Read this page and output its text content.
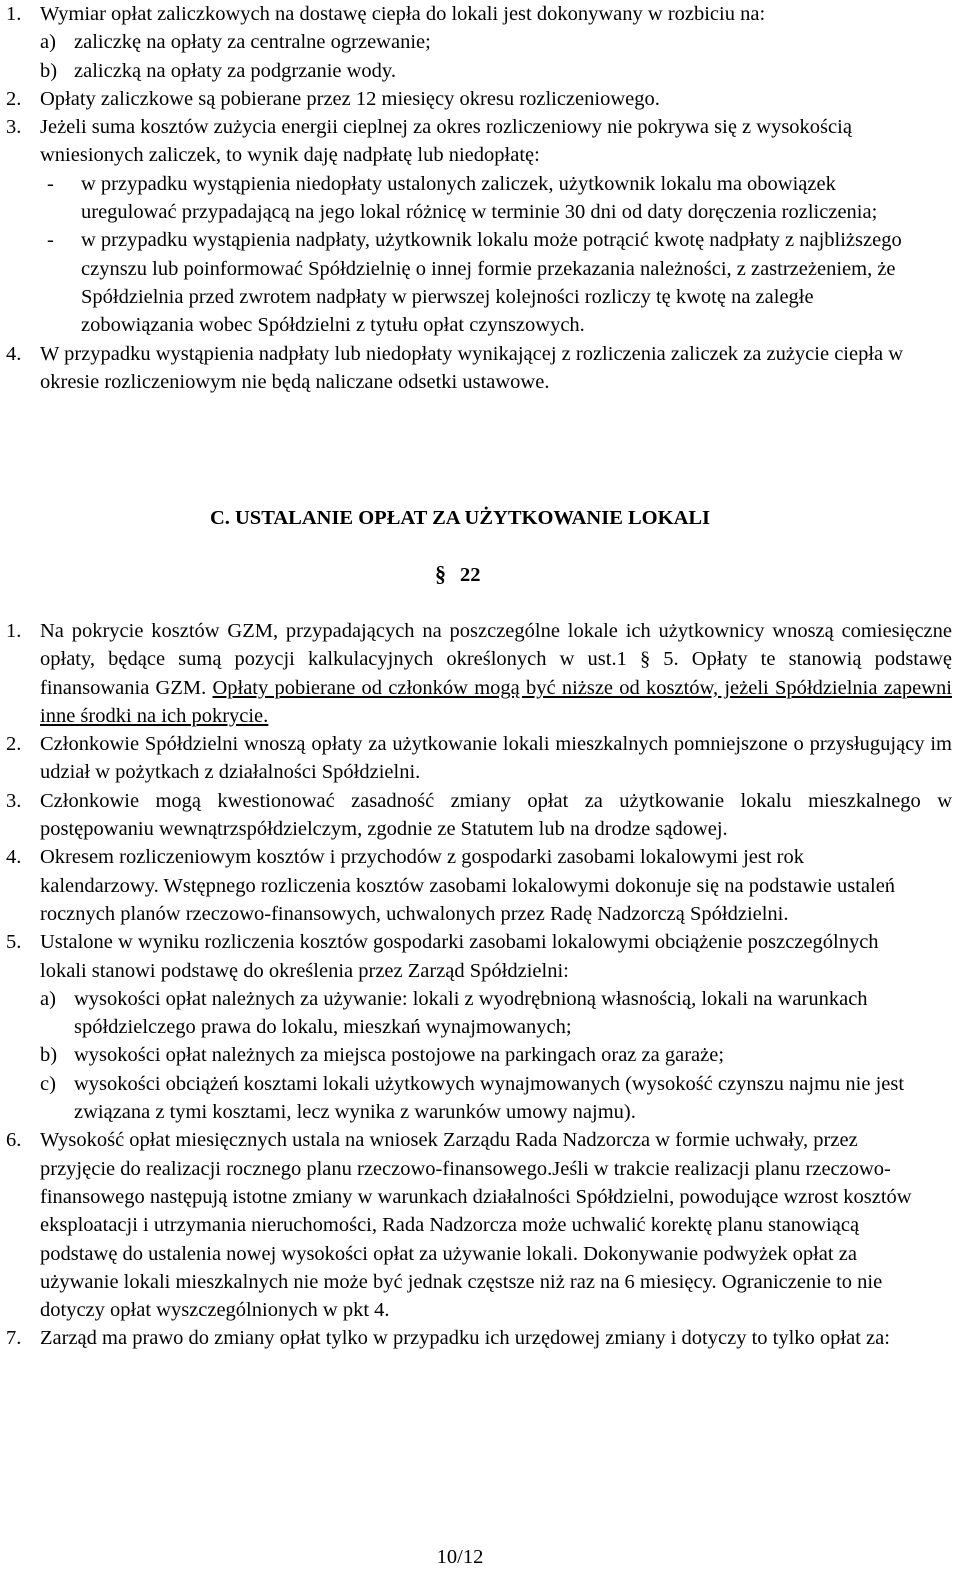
1. Wymiar opłat zaliczkowych na dostawę ciepła do lokali jest dokonywany w rozbiciu na:

a) zaliczkę na opłaty za centralne ogrzewanie;

b) zaliczką na opłaty za podgrzanie wody.

2. Opłaty zaliczkowe są pobierane przez 12 miesięcy okresu rozliczeniowego.

3. Jeżeli suma kosztów zużycia energii cieplnej za okres rozliczeniowy nie pokrywa się z wysokością wniesionych zaliczek, to wynik daję nadpłatę lub niedopłatę:

- w przypadku wystąpienia niedopłaty ustalonych zaliczek, użytkownik lokalu ma obowiązek uregulować przypadającą na jego lokal różnicę w terminie 30 dni od daty doręczenia rozliczenia;

- w przypadku wystąpienia nadpłaty, użytkownik lokalu może potrącić kwotę nadpłaty z najbliższego czynszu lub poinformować Spółdzielnię o innej formie przekazania należności, z zastrzeżeniem, że Spółdzielnia przed zwrotem nadpłaty w pierwszej kolejności rozliczy tę kwotę na zaległe zobowiązania wobec Spółdzielni z tytułu opłat czynszowych.

4. W przypadku wystąpienia nadpłaty lub niedopłaty wynikającej z rozliczenia zaliczek za zużycie ciepła w okresie rozliczeniowym nie będą naliczane odsetki ustawowe.

C. USTALANIE OPŁAT ZA UŻYTKOWANIE LOKALI

§ 22

1. Na pokrycie kosztów GZM, przypadających na poszczególne lokale ich użytkownicy wnoszą comiesięczne opłaty, będące sumą pozycji kalkulacyjnych określonych w ust.1 § 5. Opłaty te stanowią podstawę finansowania GZM. Opłaty pobierane od członków mogą być niższe od kosztów, jeżeli Spółdzielnia zapewni inne środki na ich pokrycie.

2. Członkowie Spółdzielni wnoszą opłaty za użytkowanie lokali mieszkalnych pomniejszone o przysługujący im udział w pożytkach z działalności Spółdzielni.

3. Członkowie mogą kwestionować zasadność zmiany opłat za użytkowanie lokalu mieszkalnego w postępowaniu wewnątrzspółdzielczym, zgodnie ze Statutem lub na drodze sądowej.

4. Okresem rozliczeniowym kosztów i przychodów z gospodarki zasobami lokalowymi jest rok kalendarzowy. Wstępnego rozliczenia kosztów zasobami lokalowymi dokonuje się na podstawie ustaleń rocznych planów rzeczowo-finansowych, uchwalonych przez Radę Nadzorczą Spółdzielni.

5. Ustalone w wyniku rozliczenia kosztów gospodarki zasobami lokalowymi obciążenie poszczególnych lokali stanowi podstawę do określenia przez Zarząd Spółdzielni:

a) wysokości opłat należnych za używanie: lokali z wyodrębnioną własnością, lokali na warunkach spółdzielczego prawa do lokalu, mieszkań wynajmowanych;

b) wysokości opłat należnych za miejsca postojowe na parkingach oraz za garaże;

c) wysokości obciążeń kosztami lokali użytkowych wynajmowanych (wysokość czynszu najmu nie jest związana z tymi kosztami, lecz wynika z warunków umowy najmu).

6. Wysokość opłat miesięcznych ustala na wniosek Zarządu Rada Nadzorcza w formie uchwały, przez przyjęcie do realizacji rocznego planu rzeczowo-finansowego.Jeśli w trakcie realizacji planu rzeczowo-finansowego następują istotne zmiany w warunkach działalności Spółdzielni, powodujące wzrost kosztów eksploatacji i utrzymania nieruchomości, Rada Nadzorcza może uchwalić korektę planu stanowiącą podstawę do ustalenia nowej wysokości opłat za używanie lokali. Dokonywanie podwyżek opłat za używanie lokali mieszkalnych nie może być jednak częstsze niż raz na 6 miesięcy. Ograniczenie to nie dotyczy opłat wyszczególnionych w pkt 4.

7. Zarząd ma prawo do zmiany opłat tylko w przypadku ich urzędowej zmiany i dotyczy to tylko opłat za:

10/12
